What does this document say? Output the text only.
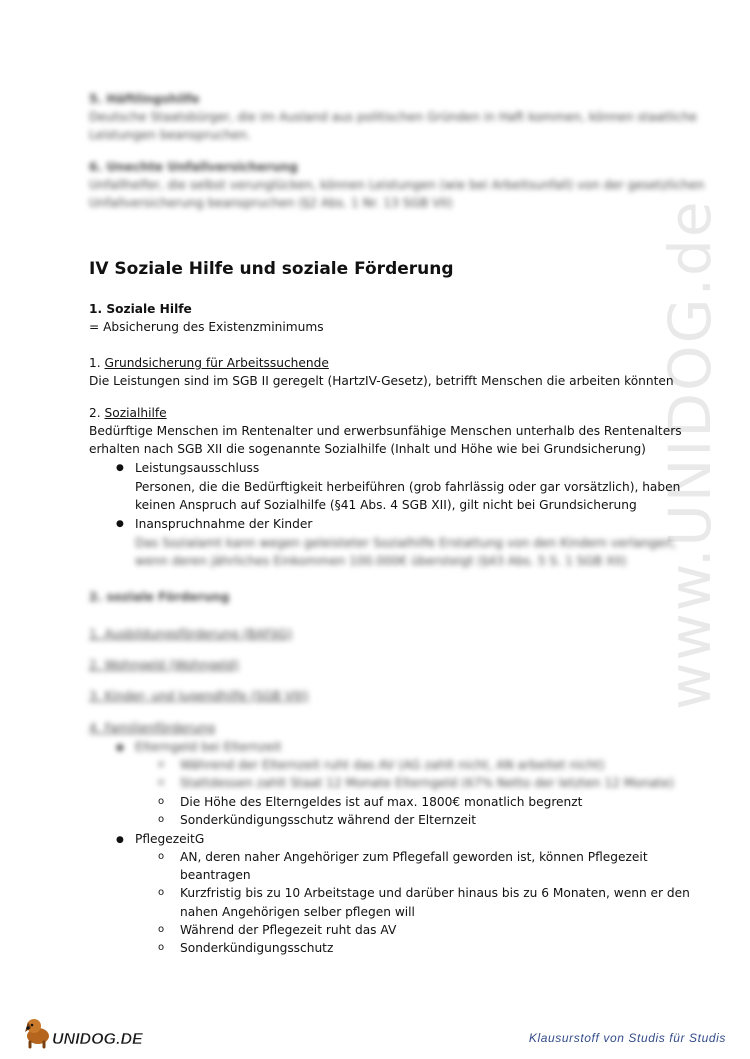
www.UNIDOG.de
5. Häftlingshilfe
Deutsche Staatsbürger, die im Ausland aus politischen Gründen in Haft kommen, können staatliche
Leistungen beanspruchen.
6. Unechte Unfallversicherung
Unfallhelfer, die selbst verunglücken, können Leistungen (wie bei Arbeitsunfall) von der gesetzlichen
Unfallversicherung beanspruchen (§2 Abs. 1 Nr. 13 SGB VII)
IV Soziale Hilfe und soziale Förderung
1. Soziale Hilfe
= Absicherung des Existenzminimums
1. Grundsicherung für Arbeitssuchende
Die Leistungen sind im SGB II geregelt (HartzIV-Gesetz), betrifft Menschen die arbeiten könnten
2. Sozialhilfe
Bedürftige Menschen im Rentenalter und erwerbsunfähige Menschen unterhalb des Rentenalters
erhalten nach SGB XII die sogenannte Sozialhilfe (Inhalt und Höhe wie bei Grundsicherung)
● Leistungsausschluss
Personen, die die Bedürftigkeit herbeiführen (grob fahrlässig oder gar vorsätzlich), haben
keinen Anspruch auf Sozialhilfe (§41 Abs. 4 SGB XII), gilt nicht bei Grundsicherung
● Inanspruchnahme der Kinder
Das Sozialamt kann wegen geleisteter Sozialhilfe Erstattung von den Kindern verlangen,
wenn deren jährliches Einkommen 100.000€ übersteigt (§43 Abs. 5 S. 1 SGB XII)
2. soziale Förderung
1. Ausbildungsförderung (BAFöG)
2. Wohngeld (Wohngeld)
3. Kinder- und Jugendhilfe (SGB VIII)
4. Familienförderung
● Elterngeld bei Elternzeit
o Während der Elternzeit ruht das AV (AG zahlt nicht, AN arbeitet nicht)
o Stattdessen zahlt Staat 12 Monate Elterngeld (67% Netto der letzten 12 Monate)
o Die Höhe des Elterngeldes ist auf max. 1800€ monatlich begrenzt
o Sonderkündigungsschutz während der Elternzeit
● PflegezeitG
o AN, deren naher Angehöriger zum Pflegefall geworden ist, können Pflegezeit
beantragen
o Kurzfristig bis zu 10 Arbeitstage und darüber hinaus bis zu 6 Monaten, wenn er den
nahen Angehörigen selber pflegen will
o Während der Pflegezeit ruht das AV
o Sonderkündigungsschutz
UNIDOG.DE	Klausurstoff von Studis für Studis
